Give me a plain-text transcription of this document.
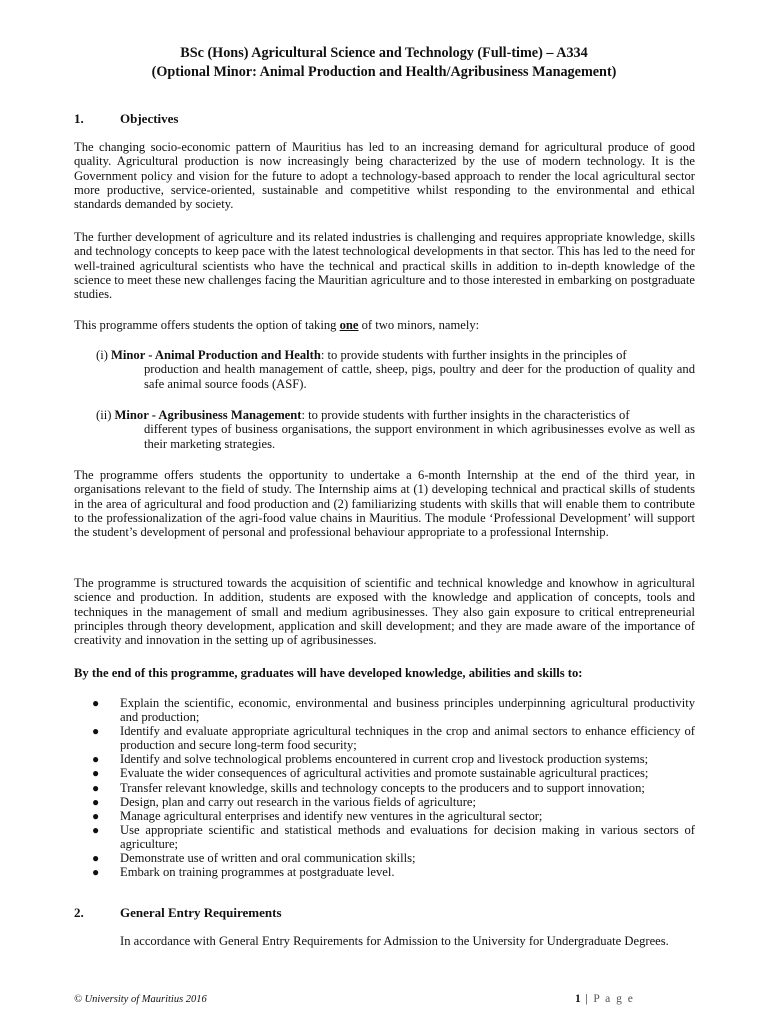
BSc (Hons) Agricultural Science and Technology (Full-time) – A334
(Optional Minor: Animal Production and Health/Agribusiness Management)
1.	Objectives
The changing socio-economic pattern of Mauritius has led to an increasing demand for agricultural produce of good quality. Agricultural production is now increasingly being characterized by the use of modern technology. It is the Government policy and vision for the future to adopt a technology-based approach to render the local agricultural sector more productive, service-oriented, sustainable and competitive whilst responding to the environmental and ethical standards demanded by society.
The further development of agriculture and its related industries is challenging and requires appropriate knowledge, skills and technology concepts to keep pace with the latest technological developments in that sector. This has led to the need for well-trained agricultural scientists who have the technical and practical skills in addition to in-depth knowledge of the science to meet these new challenges facing the Mauritian agriculture and to those interested in embarking on postgraduate studies.
This programme offers students the option of taking one of two minors, namely:
(i) Minor - Animal Production and Health: to provide students with further insights in the principles of
production and health management of cattle, sheep, pigs, poultry and deer for the production of quality and safe animal source foods (ASF).
(ii) Minor - Agribusiness Management: to provide students with further insights in the characteristics of
different types of business organisations, the support environment in which agribusinesses evolve as well as their marketing strategies.
The programme offers students the opportunity to undertake a 6-month Internship at the end of the third year, in organisations relevant to the field of study. The Internship aims at (1) developing technical and practical skills of students in the area of agricultural and food production and (2) familiarizing students with skills that will enable them to contribute to the professionalization of the agri-food value chains in Mauritius. The module ‘Professional Development’ will support the student’s development of personal and professional behaviour appropriate to a professional Internship.
The programme is structured towards the acquisition of scientific and technical knowledge and knowhow in agricultural science and production. In addition, students are exposed with the knowledge and application of concepts, tools and techniques in the management of small and medium agribusinesses. They also gain exposure to critical entrepreneurial principles through theory development, application and skill development; and they are made aware of the importance of creativity and innovation in the setting up of agribusinesses.
By the end of this programme, graduates will have developed knowledge, abilities and skills to:
● Explain the scientific, economic, environmental and business principles underpinning agricultural productivity and production;
● Identify and evaluate appropriate agricultural techniques in the crop and animal sectors to enhance efficiency of production and secure long-term food security;
● Identify and solve technological problems encountered in current crop and livestock production systems;
● Evaluate the wider consequences of agricultural activities and promote sustainable agricultural practices;
● Transfer relevant knowledge, skills and technology concepts to the producers and to support innovation;
● Design, plan and carry out research in the various fields of agriculture;
● Manage agricultural enterprises and identify new ventures in the agricultural sector;
● Use appropriate scientific and statistical methods and evaluations for decision making in various sectors of agriculture;
● Demonstrate use of written and oral communication skills;
● Embark on training programmes at postgraduate level.
2.	General Entry Requirements
In accordance with General Entry Requirements for Admission to the University for Undergraduate Degrees.
© University of Mauritius 2016	1 | P a g e
